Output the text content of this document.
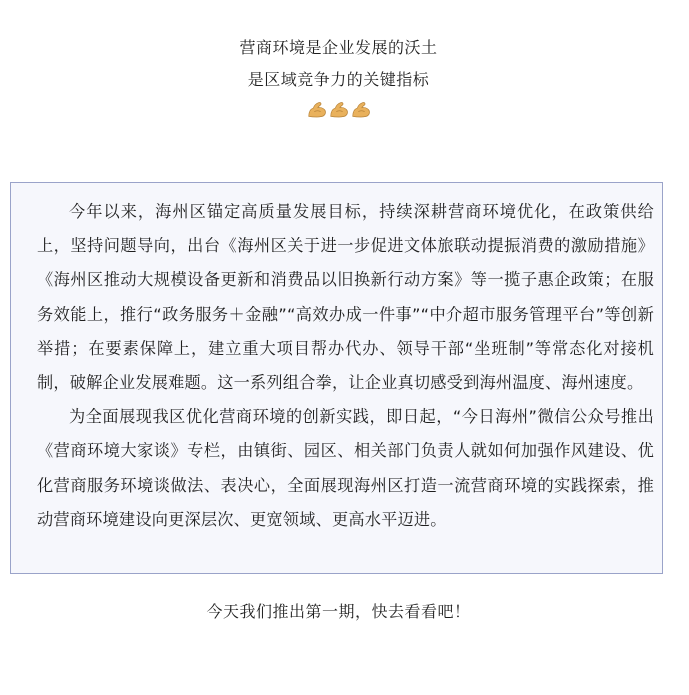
营商环境是企业发展的沃土
是区域竞争力的关键指标

今年以来，海州区锚定高质量发展目标，持续深耕营商环境优化，在政策供给上，坚持问题导向，出台《海州区关于进一步促进文体旅联动提振消费的激励措施》《海州区推动大规模设备更新和消费品以旧换新行动方案》等一揽子惠企政策；在服务效能上，推行“政务服务＋金融”“高效办成一件事”“中介超市服务管理平台”等创新举措；在要素保障上，建立重大项目帮办代办、领导干部“坐班制”等常态化对接机制，破解企业发展难题。这一系列组合拳，让企业真切感受到海州温度、海州速度。

为全面展现我区优化营商环境的创新实践，即日起，“今日海州”微信公众号推出《营商环境大家谈》专栏，由镇街、园区、相关部门负责人就如何加强作风建设、优化营商服务环境谈做法、表决心，全面展现海州区打造一流营商环境的实践探索，推动营商环境建设向更深层次、更宽领域、更高水平迈进。

今天我们推出第一期，快去看看吧！
